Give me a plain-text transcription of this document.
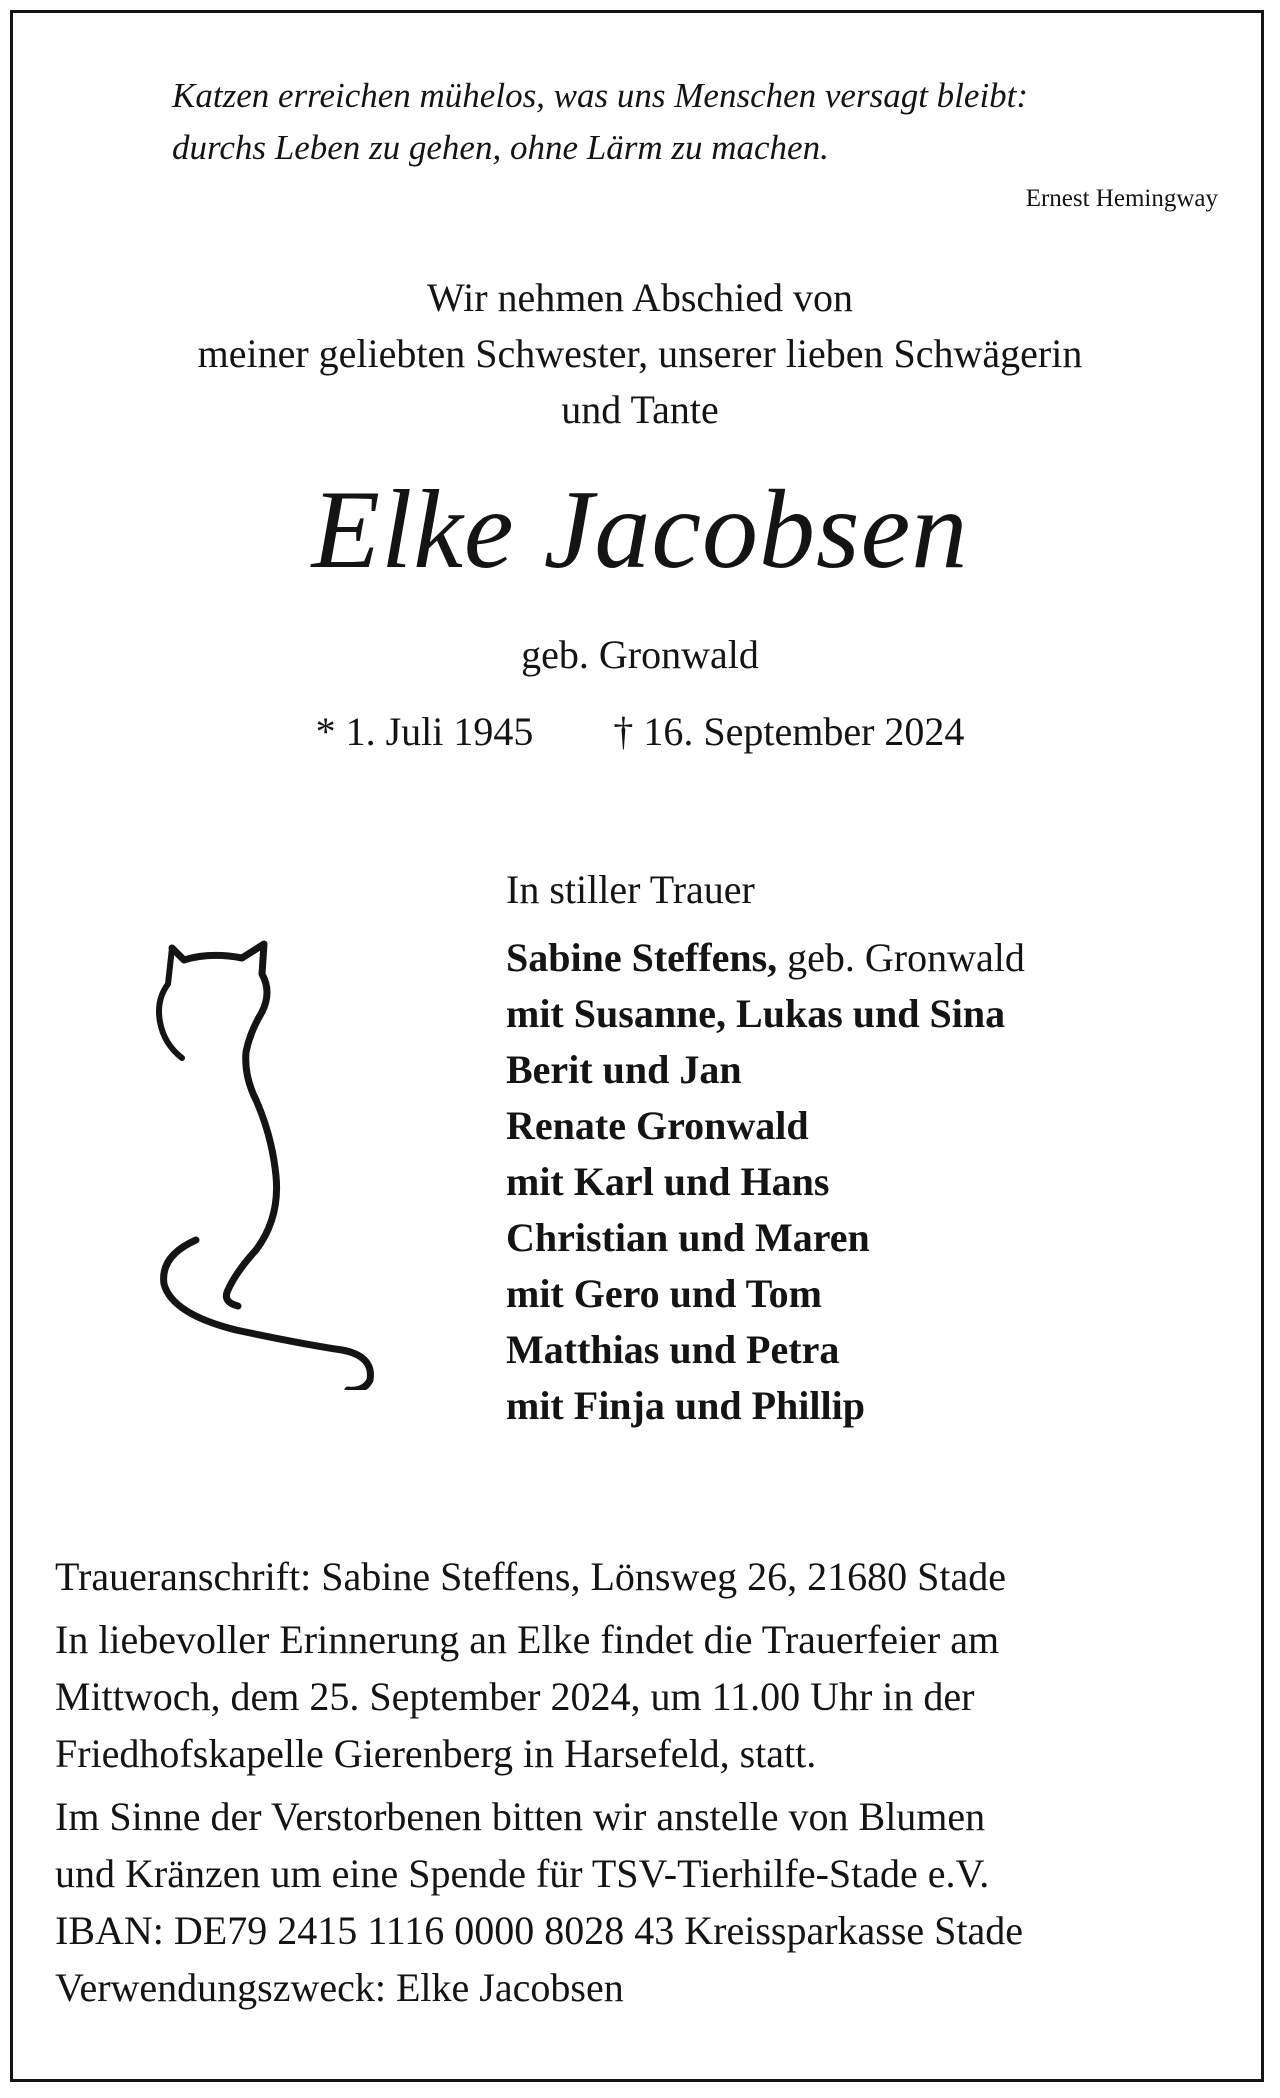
Katzen erreichen mühelos, was uns Menschen versagt bleibt:
durchs Leben zu gehen, ohne Lärm zu machen.
Ernest Hemingway
Wir nehmen Abschied von
meiner geliebten Schwester, unserer lieben Schwägerin
und Tante
Elke Jacobsen
geb. Gronwald
* 1. Juli 1945 † 16. September 2024
In stiller Trauer
Sabine Steffens, geb. Gronwald
mit Susanne, Lukas und Sina
Berit und Jan
Renate Gronwald
mit Karl und Hans
Christian und Maren
mit Gero und Tom
Matthias und Petra
mit Finja und Phillip

Traueranschrift: Sabine Steffens, Lönsweg 26, 21680 Stade

In liebevoller Erinnerung an Elke findet die Trauerfeier am
Mittwoch, dem 25. September 2024, um 11.00 Uhr in der
Friedhofskapelle Gierenberg in Harsefeld, statt.

Im Sinne der Verstorbenen bitten wir anstelle von Blumen
und Kränzen um eine Spende für TSV-Tierhilfe-Stade e.V.
IBAN: DE79 2415 1116 0000 8028 43 Kreissparkasse Stade
Verwendungszweck: Elke Jacobsen
